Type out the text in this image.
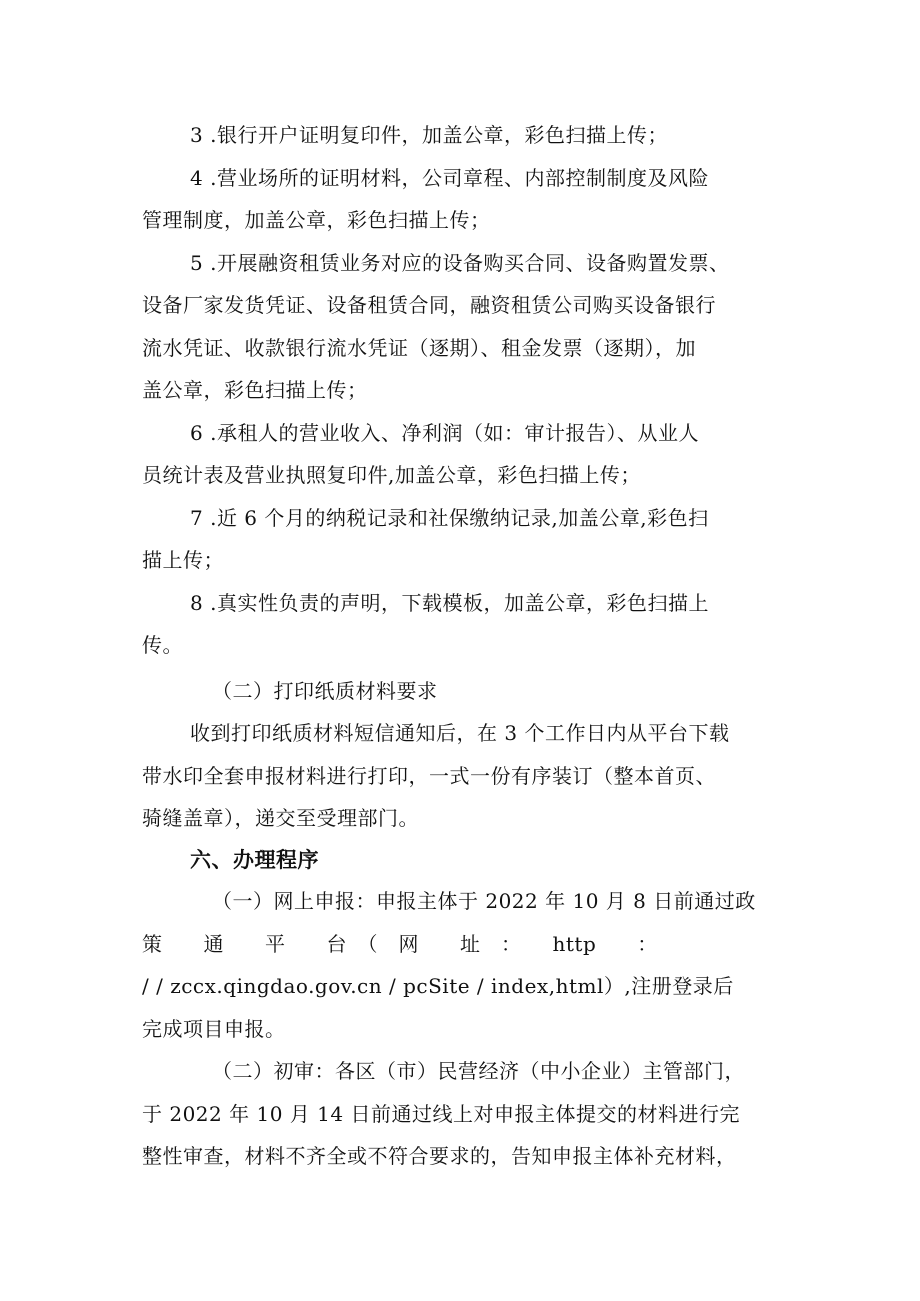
3 .银行开户证明复印件，加盖公章，彩色扫描上传；
4 .营业场所的证明材料，公司章程、内部控制制度及风险
管理制度，加盖公章，彩色扫描上传；
5 .开展融资租赁业务对应的设备购买合同、设备购置发票、
设备厂家发货凭证、设备租赁合同，融资租赁公司购买设备银行
流水凭证、收款银行流水凭证（逐期）、租金发票（逐期），加
盖公章，彩色扫描上传；
6 .承租人的营业收入、净利润（如：审计报告）、从业人
员统计表及营业执照复印件,加盖公章，彩色扫描上传；
7 .近 6 个月的纳税记录和社保缴纳记录,加盖公章,彩色扫
描上传；
8 .真实性负责的声明，下载模板，加盖公章，彩色扫描上
传。
（二）打印纸质材料要求
收到打印纸质材料短信通知后，在 3 个工作日内从平台下载
带水印全套申报材料进行打印，一式一份有序装订（整本首页、
骑缝盖章），递交至受理部门。
六、办理程序
（一）网上申报：申报主体于 2022 年 10 月 8 日前通过政
策　　通　　平　　台　（　网　　址　：　　http　　：
/ / zccx.qingdao.gov.cn / pcSite / index,html）,注册登录后
完成项目申报。
（二）初审：各区（市）民营经济（中小企业）主管部门，
于 2022 年 10 月 14 日前通过线上对申报主体提交的材料进行完
整性审查，材料不齐全或不符合要求的，告知申报主体补充材料，
